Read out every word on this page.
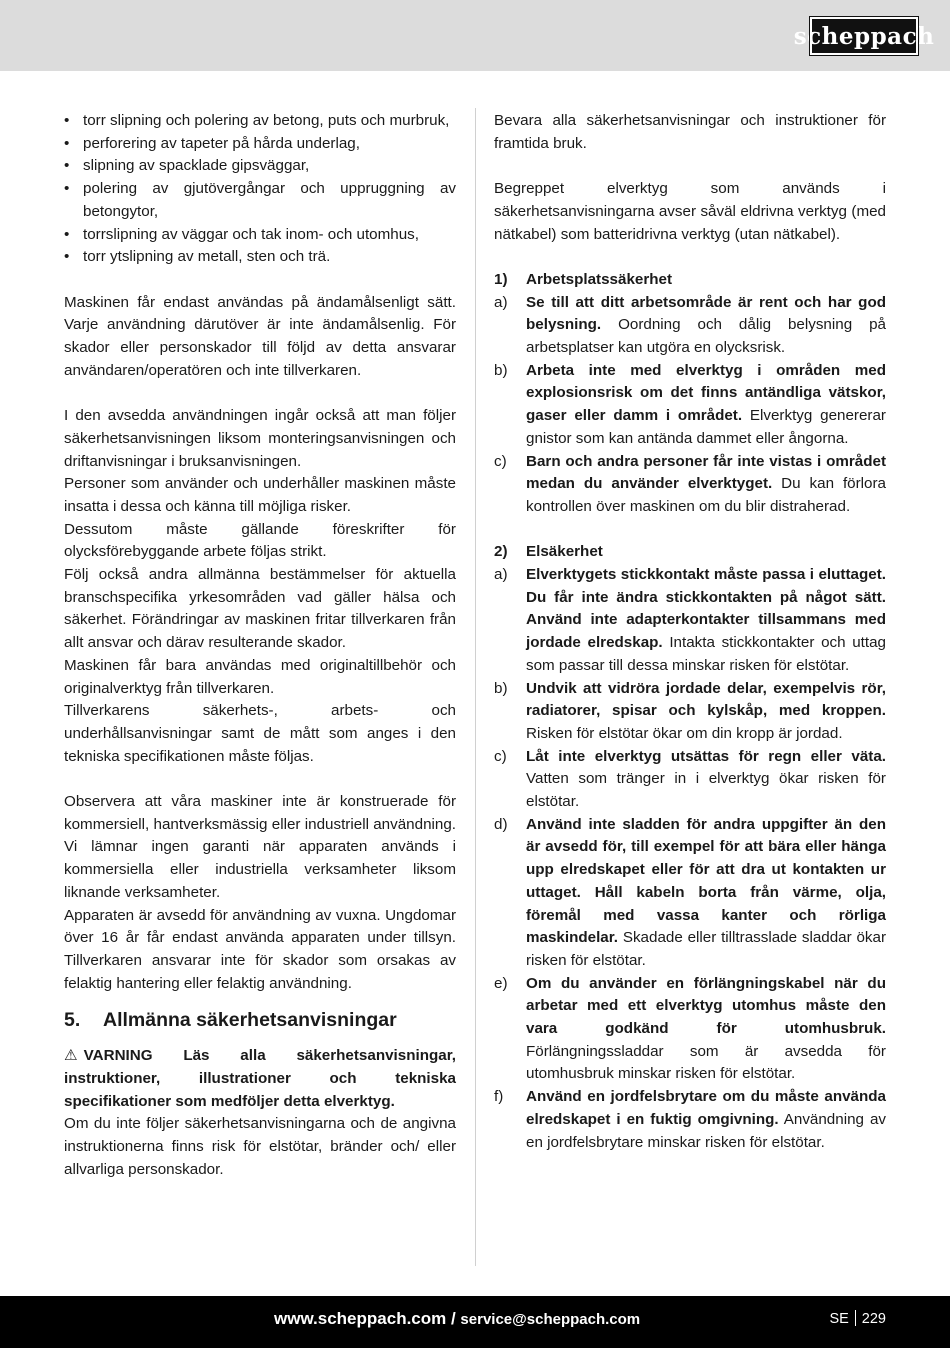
scheppach
• torr slipning och polering av betong, puts och murbruk,
• perforering av tapeter på hårda underlag,
• slipning av spacklade gipsväggar,
• polering av gjutövergångar och uppruggning av betongytor,
• torrslipning av väggar och tak inom- och utomhus,
• torr ytslipning av metall, sten och trä.

Maskinen får endast användas på ändamålsenligt sätt. Varje användning därutöver är inte ändamålsenlig. För skador eller personskador till följd av detta ansvarar användaren/operatören och inte tillverkaren.

I den avsedda användningen ingår också att man följer säkerhetsanvisningen liksom monteringsanvisningen och driftanvisningar i bruksanvisningen.

Personer som använder och underhåller maskinen måste insatta i dessa och känna till möjliga risker.

Dessutom måste gällande föreskrifter för olycksförebyggande arbete följas strikt.

Följ också andra allmänna bestämmelser för aktuella branschspecifika yrkesområden vad gäller hälsa och säkerhet. Förändringar av maskinen fritar tillverkaren från allt ansvar och därav resulterande skador.

Maskinen får bara användas med originaltillbehör och originalverktyg från tillverkaren.

Tillverkarens säkerhets-, arbets- och underhållsanvisningar samt de mått som anges i den tekniska specifikationen måste följas.

Observera att våra maskiner inte är konstruerade för kommersiell, hantverksmässig eller industriell användning. Vi lämnar ingen garanti när apparaten används i kommersiella eller industriella verksamheter liksom liknande verksamheter.

Apparaten är avsedd för användning av vuxna. Ungdomar över 16 år får endast använda apparaten under tillsyn. Tillverkaren ansvarar inte för skador som orsakas av felaktig hantering eller felaktig användning.

5.	Allmänna säkerhetsanvisningar

⚠ VARNING Läs alla säkerhetsanvisningar, instruktioner, illustrationer och tekniska specifikationer som medföljer detta elverktyg.

Om du inte följer säkerhetsanvisningarna och de angivna instruktionerna finns risk för elstötar, bränder och/ eller allvarliga personskador.

Bevara alla säkerhetsanvisningar och instruktioner för framtida bruk.

Begreppet elverktyg som används i säkerhetsanvisningarna avser såväl eldrivna verktyg (med nätkabel) som batteridrivna verktyg (utan nätkabel).

1)	Arbetsplatssäkerhet
a)	Se till att ditt arbetsområde är rent och har god belysning. Oordning och dålig belysning på arbetsplatser kan utgöra en olycksrisk.
b)	Arbeta inte med elverktyg i områden med explosionsrisk om det finns antändliga vätskor, gaser eller damm i området. Elverktyg genererar gnistor som kan antända dammet eller ångorna.
c)	Barn och andra personer får inte vistas i området medan du använder elverktyget. Du kan förlora kontrollen över maskinen om du blir distraherad.
2)	Elsäkerhet
a)	Elverktygets stickkontakt måste passa i eluttaget. Du får inte ändra stickkontakten på något sätt. Använd inte adapterkontakter tillsammans med jordade elredskap. Intakta stickkontakter och uttag som passar till dessa minskar risken för elstötar.
b)	Undvik att vidröra jordade delar, exempelvis rör, radiatorer, spisar och kylskåp, med kroppen. Risken för elstötar ökar om din kropp är jordad.
c)	Låt inte elverktyg utsättas för regn eller väta. Vatten som tränger in i elverktyg ökar risken för elstötar.
d)	Använd inte sladden för andra uppgifter än den är avsedd för, till exempel för att bära eller hänga upp elredskapet eller för att dra ut kontakten ur uttaget. Håll kabeln borta från värme, olja, föremål med vassa kanter och rörliga maskindelar. Skadade eller tilltrasslade sladdar ökar risken för elstötar.
e)	Om du använder en förlängningskabel när du arbetar med ett elverktyg utomhus måste den vara godkänd för utomhusbruk. Förlängningssladdar som är avsedda för utomhusbruk minskar risken för elstötar.
f)	Använd en jordfelsbrytare om du måste använda elredskapet i en fuktig omgivning. Användning av en jordfelsbrytare minskar risken för elstötar.
www.scheppach.com / service@scheppach.com	SE 229
